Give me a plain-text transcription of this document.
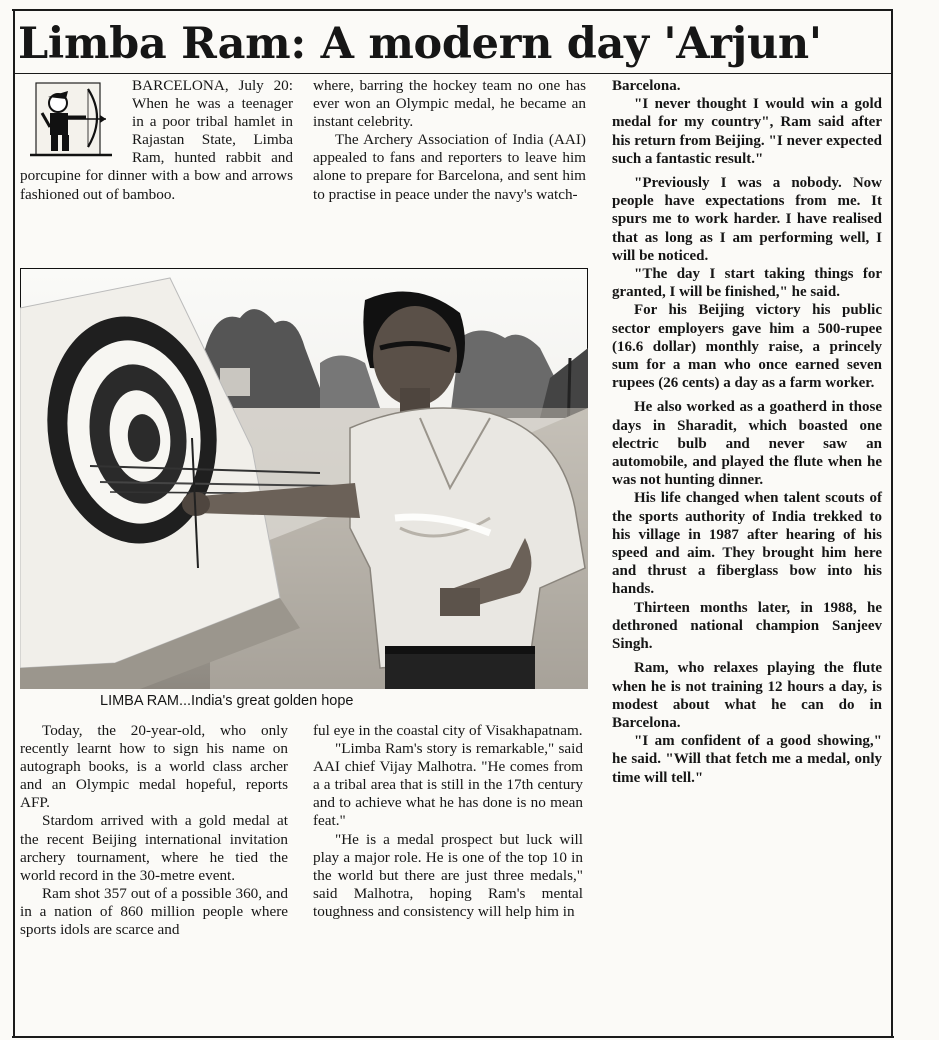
Limba Ram: A modern day 'Arjun'

BARCELONA, July 20: When he was a teenager in a poor tribal hamlet in Rajastan State, Limba Ram, hunted rabbit and porcupine for dinner with a bow and arrows fashioned out of bamboo.

where, barring the hockey team no one has ever won an Olympic medal, he became an instant celebrity.

The Archery Association of India (AAI) appealed to fans and reporters to leave him alone to prepare for Barcelona, and sent him to practise in peace under the navy's watch-

LIMBA RAM...India's great golden hope

Today, the 20-year-old, who only recently learnt how to sign his name on autograph books, is a world class archer and an Olympic medal hopeful, reports AFP.

Stardom arrived with a gold medal at the recent Beijing international invitation archery tournament, where he tied the world record in the 30-metre event.

Ram shot 357 out of a possible 360, and in a nation of 860 million people where sports idols are scarce and

ful eye in the coastal city of Visakhapatnam.

"Limba Ram's story is remarkable," said AAI chief Vijay Malhotra. "He comes from a a tribal area that is still in the 17th century and to achieve what he has done is no mean feat."

"He is a medal prospect but luck will play a major role. He is one of the top 10 in the world but there are just three medals," said Malhotra, hoping Ram's mental toughness and consistency will help him in

Barcelona.

"I never thought I would win a gold medal for my country", Ram said after his return from Beijing. "I never expected such a fantastic result."

"Previously I was a nobody. Now people have expectations from me. It spurs me to work harder. I have realised that as long as I am performing well, I will be noticed.

"The day I start taking things for granted, I will be finished," he said.

For his Beijing victory his public sector employers gave him a 500-rupee (16.6 dollar) monthly raise, a princely sum for a man who once earned seven rupees (26 cents) a day as a farm worker.

He also worked as a goatherd in those days in Sharadit, which boasted one electric bulb and never saw an automobile, and played the flute when he was not hunting dinner.

His life changed when talent scouts of the sports authority of India trekked to his village in 1987 after hearing of his speed and aim. They brought him here and thrust a fiberglass bow into his hands.

Thirteen months later, in 1988, he dethroned national champion Sanjeev Singh.

Ram, who relaxes playing the flute when he is not training 12 hours a day, is modest about what he can do in Barcelona.

"I am confident of a good showing," he said. "Will that fetch me a medal, only time will tell."
